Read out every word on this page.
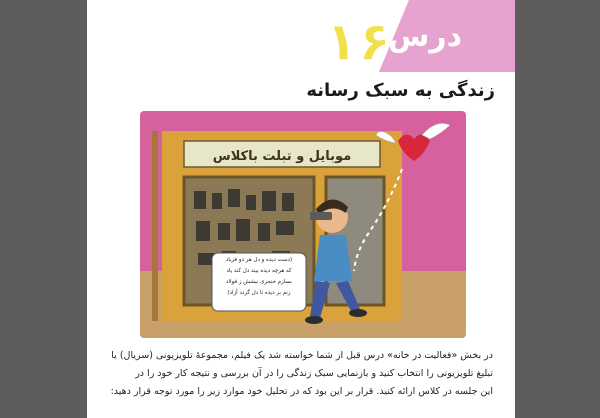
درس
۱۶
زندگی به سبک رسانه
موبایل و تبلت باکلاس
(دست دیده و دل هر دو فریاد
که هرچه دیده بیند دل کند یاد
بسازم خنجری نیشش ز فولاد
زنم بر دیده تا دل گردد آزاد)

در بخش «فعالیت در خانه» درس قبل از شما خواسته شد یک فیلم، مجموعهٔ تلویزیونی (سریال) یا

تبلیغ تلویزیونی را انتخاب کنید و بازنمایی سبک زندگی را در آن بررسی و نتیجه کار خود را در

این جلسه در کلاس ارائه کنید. قرار بر این بود که در تحلیل خود موارد زیر را مورد توجه قرار دهید:
